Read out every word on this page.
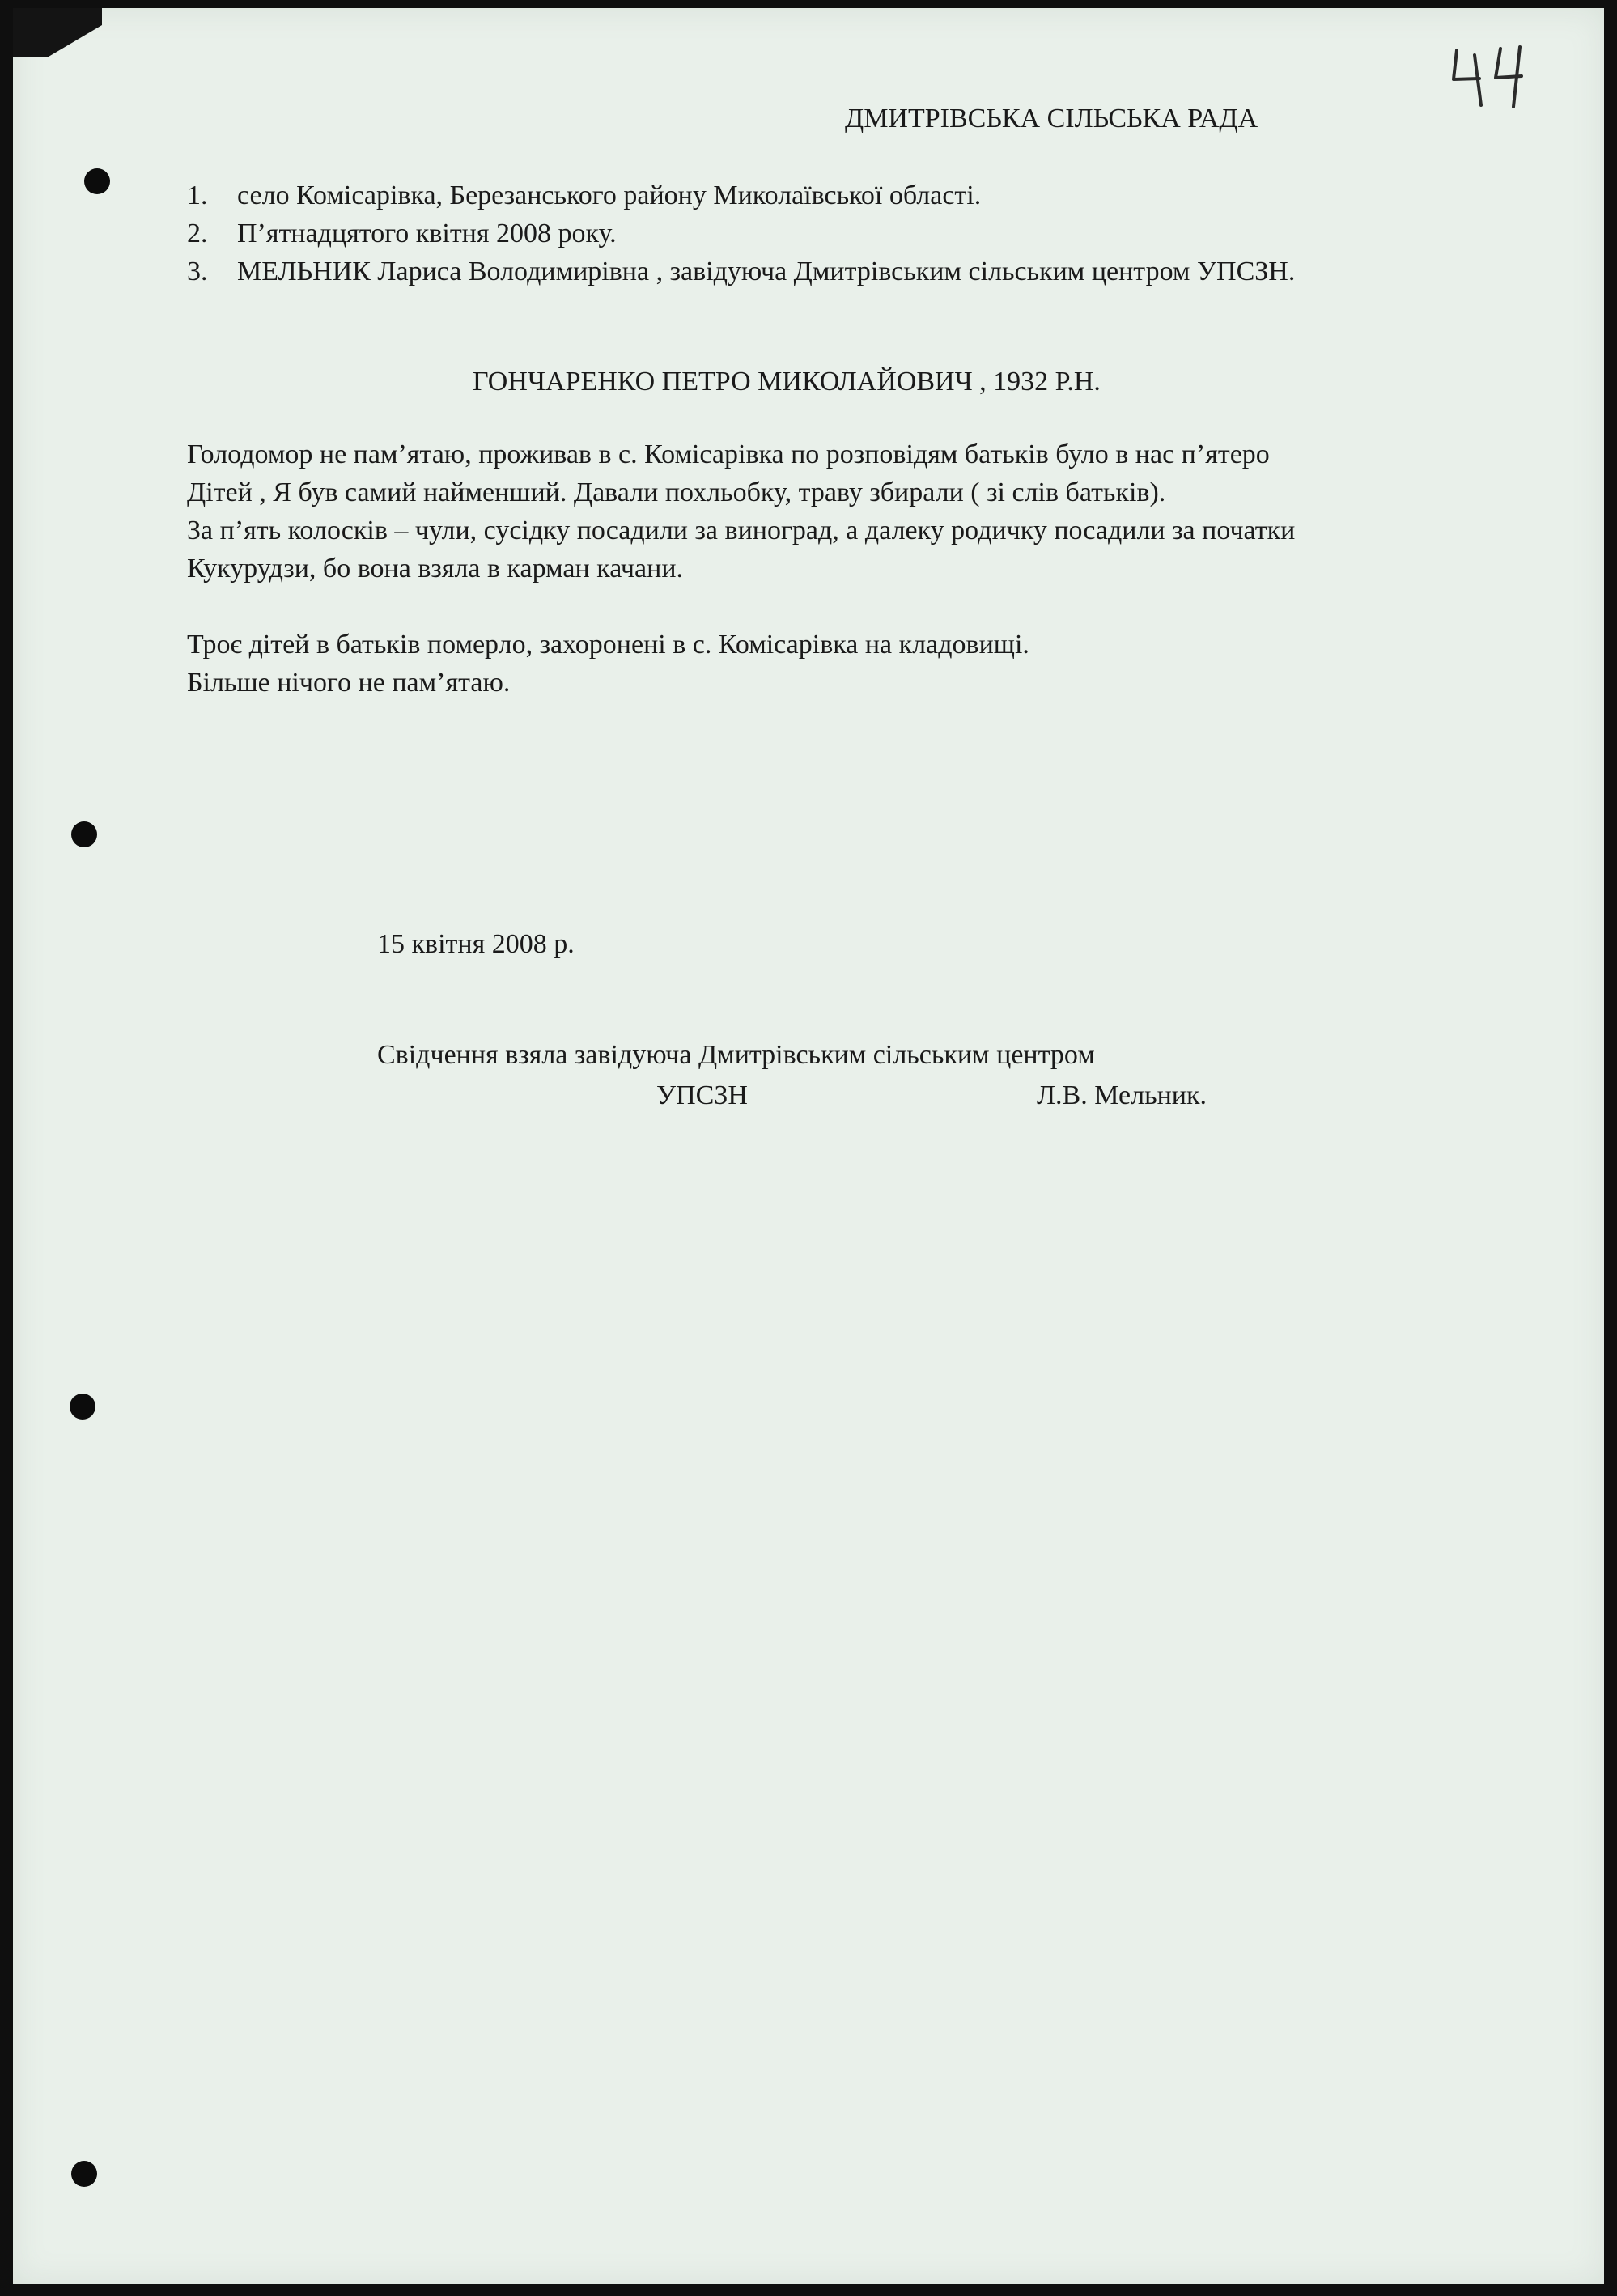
ДМИТРІВСЬКА СІЛЬСЬКА РАДА
1.	село Комісарівка, Березанського району Миколаївської області.
2.	П’ятнадцятого квітня 2008 року.
3.	МЕЛЬНИК Лариса Володимирівна , завідуюча Дмитрівським сільським центром УПСЗН.
ГОНЧАРЕНКО ПЕТРО МИКОЛАЙОВИЧ , 1932 Р.Н.
Голодомор не пам’ятаю, проживав в с. Комісарівка по розповідям батьків було в нас п’ятеро
Дітей , Я був самий найменший. Давали похльобку, траву збирали ( зі слів батьків).
За п’ять колосків – чули, сусідку посадили за виноград, а далеку родичку посадили за початки
Кукурудзи, бо вона взяла в карман качани.
Троє дітей в батьків померло, захоронені в с. Комісарівка на кладовищі.
Більше нічого не пам’ятаю.
15 квітня 2008 р.
Свідчення взяла завідуюча Дмитрівським сільським центром
УПСЗН	Л.В. Мельник.
